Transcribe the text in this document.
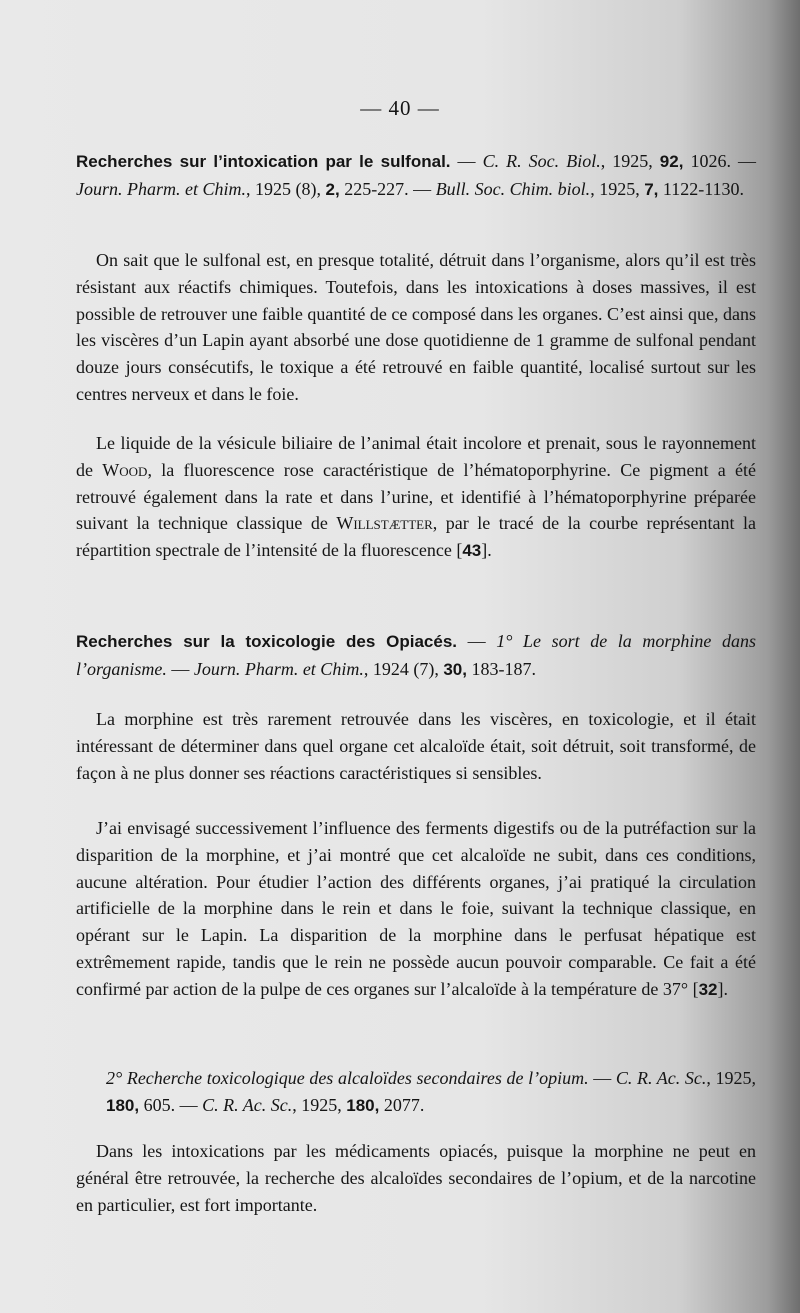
— 40 —
Recherches sur l’intoxication par le sulfonal. — C. R. Soc. Biol., 1925, 92, 1026. — Journ. Pharm. et Chim., 1925 (8), 2, 225-227. — Bull. Soc. Chim. biol., 1925, 7, 1122-1130.

On sait que le sulfonal est, en presque totalité, détruit dans l’organisme, alors qu’il est très résistant aux réactifs chimiques. Toutefois, dans les intoxications à doses massives, il est possible de retrouver une faible quantité de ce composé dans les organes. C’est ainsi que, dans les viscères d’un Lapin ayant absorbé une dose quotidienne de 1 gramme de sulfonal pendant douze jours consécutifs, le toxique a été retrouvé en faible quantité, localisé surtout sur les centres nerveux et dans le foie.

Le liquide de la vésicule biliaire de l’animal était incolore et prenait, sous le rayonnement de Wood, la fluorescence rose caractéristique de l’hématoporphyrine. Ce pigment a été retrouvé également dans la rate et dans l’urine, et identifié à l’hématoporphyrine préparée suivant la technique classique de Willstætter, par le tracé de la courbe représentant la répartition spectrale de l’intensité de la fluorescence [43].

Recherches sur la toxicologie des Opiacés. — 1° Le sort de la morphine dans l’organisme. — Journ. Pharm. et Chim., 1924 (7), 30, 183-187.

La morphine est très rarement retrouvée dans les viscères, en toxicologie, et il était intéressant de déterminer dans quel organe cet alcaloïde était, soit détruit, soit transformé, de façon à ne plus donner ses réactions caractéristiques si sensibles.

J’ai envisagé successivement l’influence des ferments digestifs ou de la putréfaction sur la disparition de la morphine, et j’ai montré que cet alcaloïde ne subit, dans ces conditions, aucune altération. Pour étudier l’action des différents organes, j’ai pratiqué la circulation artificielle de la morphine dans le rein et dans le foie, suivant la technique classique, en opérant sur le Lapin. La disparition de la morphine dans le perfusat hépatique est extrêmement rapide, tandis que le rein ne possède aucun pouvoir comparable. Ce fait a été confirmé par action de la pulpe de ces organes sur l’alcaloïde à la température de 37° [32].

2° Recherche toxicologique des alcaloïdes secondaires de l’opium. — C. R. Ac. Sc., 1925, 180, 605. — C. R. Ac. Sc., 1925, 180, 2077.

Dans les intoxications par les médicaments opiacés, puisque la morphine ne peut en général être retrouvée, la recherche des alcaloïdes secondaires de l’opium, et de la narcotine en particulier, est fort importante.
